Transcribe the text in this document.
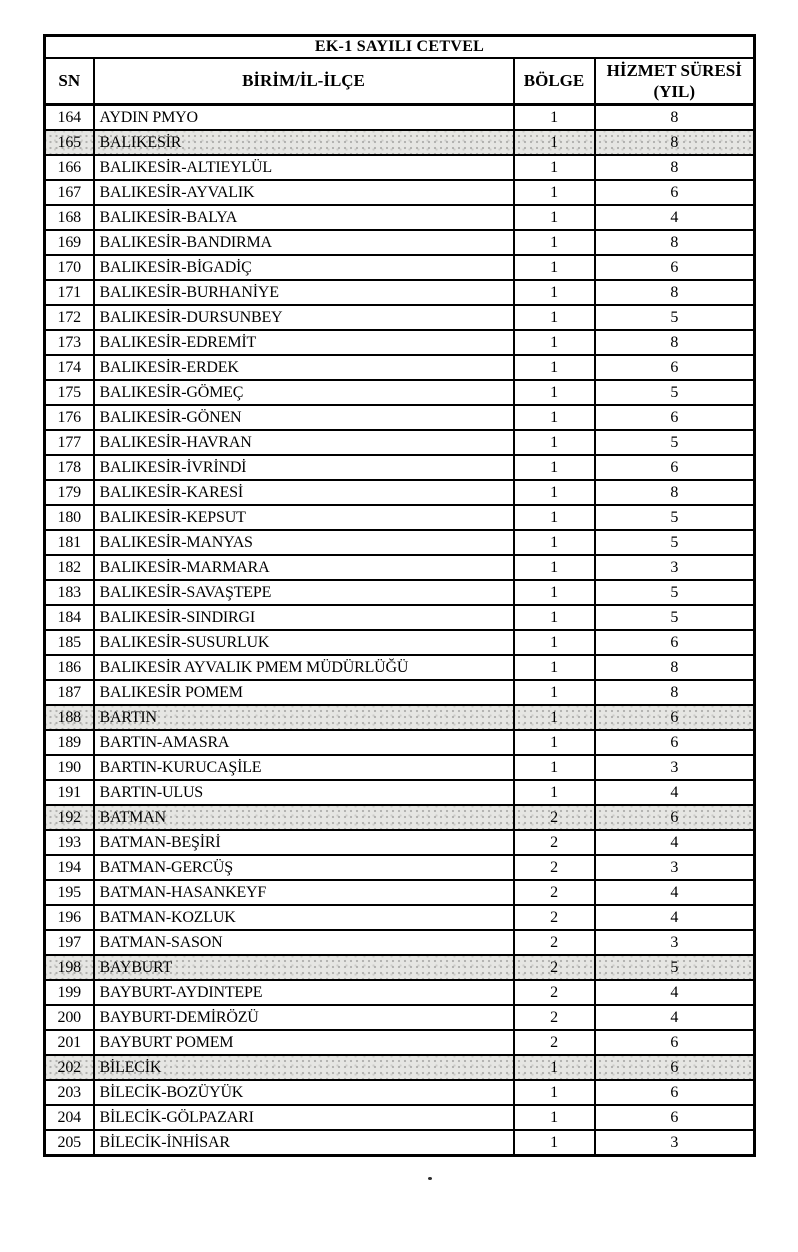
EK-1 SAYILI CETVEL			
SN	BİRİM/İL-İLÇE	BÖLGE	HİZMET SÜRESİ
(YIL)

164	AYDIN PMYO	1	8
165	BALIKESİR	1	8
166	BALIKESİR-ALTIEYLÜL	1	8
167	BALIKESİR-AYVALIK	1	6
168	BALIKESİR-BALYA	1	4
169	BALIKESİR-BANDIRMA	1	8
170	BALIKESİR-BİGADİÇ	1	6
171	BALIKESİR-BURHANİYE	1	8
172	BALIKESİR-DURSUNBEY	1	5
173	BALIKESİR-EDREMİT	1	8
174	BALIKESİR-ERDEK	1	6
175	BALIKESİR-GÖMEÇ	1	5
176	BALIKESİR-GÖNEN	1	6
177	BALIKESİR-HAVRAN	1	5
178	BALIKESİR-İVRİNDİ	1	6
179	BALIKESİR-KARESİ	1	8
180	BALIKESİR-KEPSUT	1	5
181	BALIKESİR-MANYAS	1	5
182	BALIKESİR-MARMARA	1	3
183	BALIKESİR-SAVAŞTEPE	1	5
184	BALIKESİR-SINDIRGI	1	5
185	BALIKESİR-SUSURLUK	1	6
186	BALIKESİR AYVALIK PMEM MÜDÜRLÜĞÜ	1	8
187	BALIKESİR POMEM	1	8
188	BARTIN	1	6
189	BARTIN-AMASRA	1	6
190	BARTIN-KURUCAŞİLE	1	3
191	BARTIN-ULUS	1	4
192	BATMAN	2	6
193	BATMAN-BEŞİRİ	2	4
194	BATMAN-GERCÜŞ	2	3
195	BATMAN-HASANKEYF	2	4
196	BATMAN-KOZLUK	2	4
197	BATMAN-SASON	2	3
198	BAYBURT	2	5
199	BAYBURT-AYDINTEPE	2	4
200	BAYBURT-DEMİRÖZÜ	2	4
201	BAYBURT POMEM	2	6
202	BİLECİK	1	6
203	BİLECİK-BOZÜYÜK	1	6
204	BİLECİK-GÖLPAZARI	1	6
205	BİLECİK-İNHİSAR	1	3
